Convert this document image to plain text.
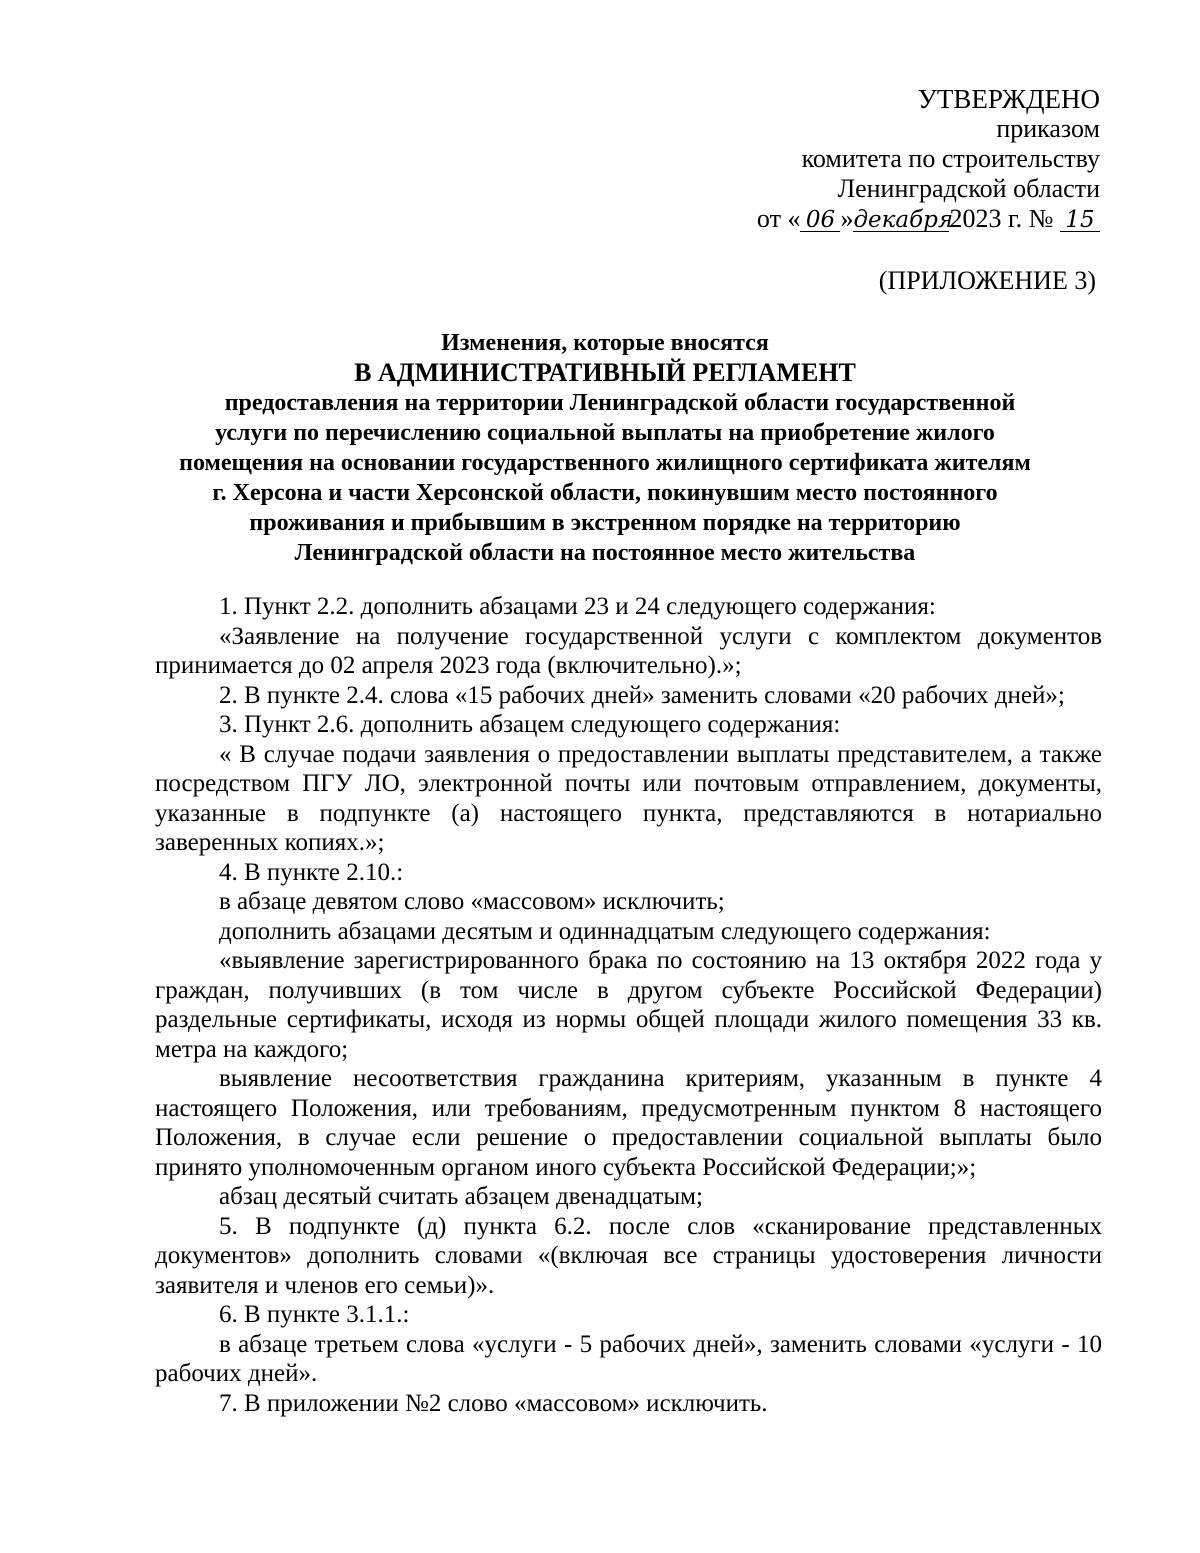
УТВЕРЖДЕНО
приказом
комитета по строительству
Ленинградской области
от « 06 »декабря2023 г. № 15
(ПРИЛОЖЕНИЕ 3)
Изменения, которые вносятся
В АДМИНИСТРАТИВНЫЙ РЕГЛАМЕНТ
предоставления на территории Ленинградской области государственной
услуги по перечислению социальной выплаты на приобретение жилого
помещения на основании государственного жилищного сертификата жителям
г. Херсона и части Херсонской области, покинувшим место постоянного
проживания и прибывшим в экстренном порядке на территорию
Ленинградской области на постоянное место жительства

1. Пункт 2.2. дополнить абзацами 23 и 24 следующего содержания:

«Заявление на получение государственной услуги с комплектом документов принимается до 02 апреля 2023 года (включительно).»;

2. В пункте 2.4. слова «15 рабочих дней» заменить словами «20 рабочих дней»;

3. Пункт 2.6. дополнить абзацем следующего содержания:

« В случае подачи заявления о предоставлении выплаты представителем, а также посредством ПГУ ЛО, электронной почты или почтовым отправлением, документы, указанные в подпункте (а) настоящего пункта, представляются в нотариально заверенных копиях.»;

4. В пункте 2.10.:

в абзаце девятом слово «массовом» исключить;

дополнить абзацами десятым и одиннадцатым следующего содержания:

«выявление зарегистрированного брака по состоянию на 13 октября 2022 года у граждан, получивших (в том числе в другом субъекте Российской Федерации) раздельные сертификаты, исходя из нормы общей площади жилого помещения 33 кв. метра на каждого;

выявление несоответствия гражданина критериям, указанным в пункте 4 настоящего Положения, или требованиям, предусмотренным пунктом 8 настоящего Положения, в случае если решение о предоставлении социальной выплаты было принято уполномоченным органом иного субъекта Российской Федерации;»;

абзац десятый считать абзацем двенадцатым;

5. В подпункте (д) пункта 6.2. после слов «сканирование представленных документов» дополнить словами «(включая все страницы удостоверения личности заявителя и членов его семьи)».

6. В пункте 3.1.1.:

в абзаце третьем слова «услуги - 5 рабочих дней», заменить словами «услуги - 10 рабочих дней».

7. В приложении №2 слово «массовом» исключить.
